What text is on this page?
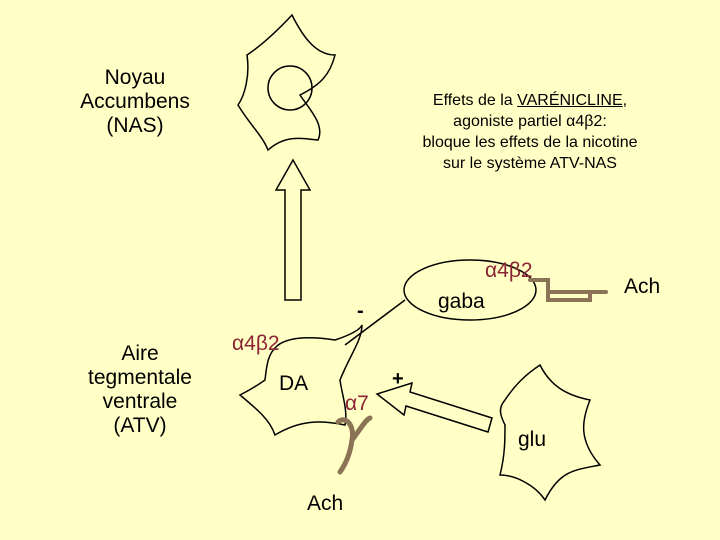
Noyau
Accumbens
(NAS)
Aire
tegmentale
ventrale
(ATV)
Effets de la VARÉNICLINE,
agoniste partiel α4β2:
bloque les effets de la nicotine
sur le système ATV-NAS
DA
gaba
glu
α4β2
α7
α4β2
Ach
Ach
-
+
